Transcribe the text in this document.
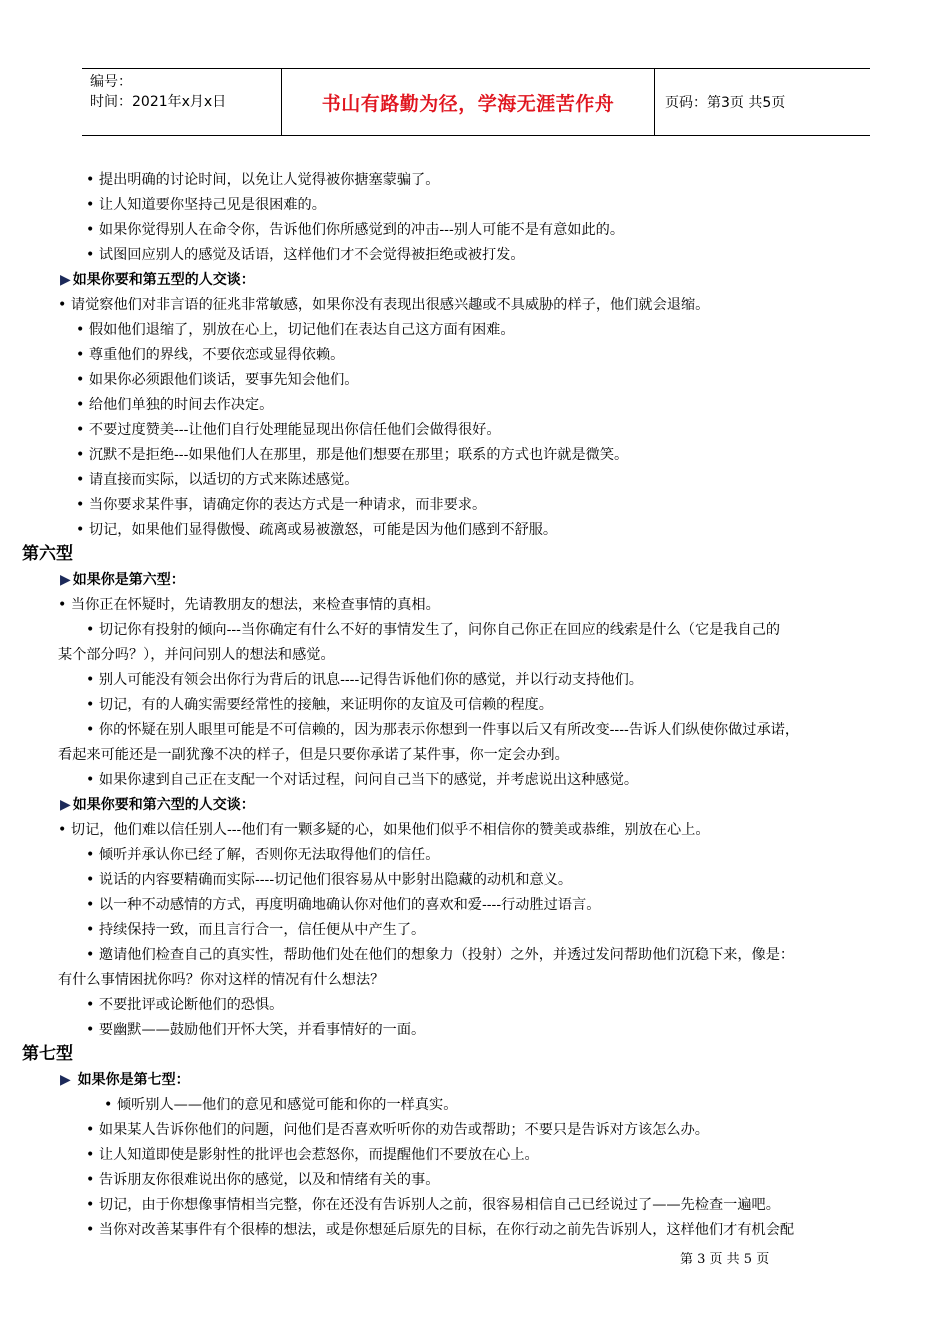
编号：
时间：2021年x月x日	书山有路勤为径，学海无涯苦作舟	页码：第3页 共5页
• 提出明确的讨论时间，以免让人觉得被你搪塞蒙骗了。
• 让人知道要你坚持己见是很困难的。
• 如果你觉得别人在命令你，告诉他们你所感觉到的冲击---别人可能不是有意如此的。
• 试图回应别人的感觉及话语，这样他们才不会觉得被拒绝或被打发。
▶ 如果你要和第五型的人交谈：
• 请觉察他们对非言语的征兆非常敏感，如果你没有表现出很感兴趣或不具威胁的样子，他们就会退缩。
• 假如他们退缩了，别放在心上，切记他们在表达自己这方面有困难。
• 尊重他们的界线，不要依恋或显得依赖。
• 如果你必须跟他们谈话，要事先知会他们。
• 给他们单独的时间去作决定。
• 不要过度赞美---让他们自行处理能显现出你信任他们会做得很好。
• 沉默不是拒绝---如果他们人在那里，那是他们想要在那里；联系的方式也许就是微笑。
• 请直接而实际，以适切的方式来陈述感觉。
• 当你要求某件事，请确定你的表达方式是一种请求，而非要求。
• 切记，如果他们显得傲慢、疏离或易被激怒，可能是因为他们感到不舒服。
第六型
▶ 如果你是第六型：
• 当你正在怀疑时，先请教朋友的想法，来检查事情的真相。
• 切记你有投射的倾向---当你确定有什么不好的事情发生了，问你自己你正在回应的线索是什么（它是我自己的
某个部分吗？），并问问别人的想法和感觉。
• 别人可能没有领会出你行为背后的讯息----记得告诉他们你的感觉，并以行动支持他们。
• 切记，有的人确实需要经常性的接触，来证明你的友谊及可信赖的程度。
• 你的怀疑在别人眼里可能是不可信赖的，因为那表示你想到一件事以后又有所改变----告诉人们纵使你做过承诺，
看起来可能还是一副犹豫不决的样子，但是只要你承诺了某件事，你一定会办到。
• 如果你逮到自己正在支配一个对话过程，问问自己当下的感觉，并考虑说出这种感觉。
▶ 如果你要和第六型的人交谈：
• 切记，他们难以信任别人---他们有一颗多疑的心，如果他们似乎不相信你的赞美或恭维，别放在心上。
• 倾听并承认你已经了解，否则你无法取得他们的信任。
• 说话的内容要精确而实际----切记他们很容易从中影射出隐藏的动机和意义。
• 以一种不动感情的方式，再度明确地确认你对他们的喜欢和爱----行动胜过语言。
• 持续保持一致，而且言行合一，信任便从中产生了。
• 邀请他们检查自己的真实性，帮助他们处在他们的想象力（投射）之外，并透过发问帮助他们沉稳下来，像是：
有什么事情困扰你吗？你对这样的情况有什么想法？
• 不要批评或论断他们的恐惧。
• 要幽默——鼓励他们开怀大笑，并看事情好的一面。
第七型
▶ 如果你是第七型：
• 倾听别人——他们的意见和感觉可能和你的一样真实。
• 如果某人告诉你他们的问题，问他们是否喜欢听听你的劝告或帮助；不要只是告诉对方该怎么办。
• 让人知道即使是影射性的批评也会惹怒你，而提醒他们不要放在心上。
• 告诉朋友你很难说出你的感觉，以及和情绪有关的事。
• 切记，由于你想像事情相当完整，你在还没有告诉别人之前，很容易相信自己已经说过了——先检查一遍吧。
• 当你对改善某事件有个很棒的想法，或是你想延后原先的目标，在你行动之前先告诉别人，这样他们才有机会配
第 3 页 共 5 页
